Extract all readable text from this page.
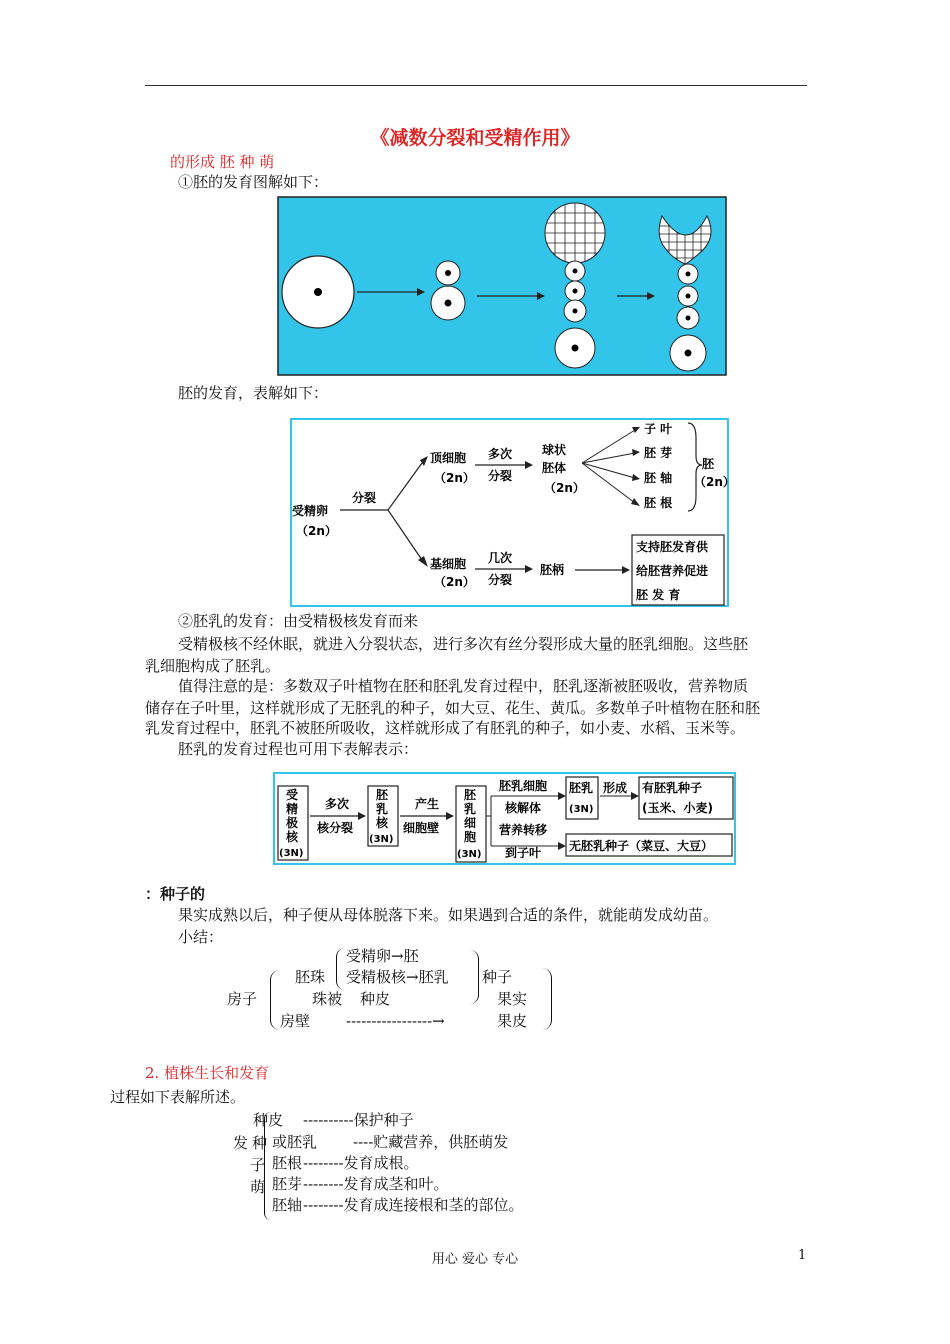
《减数分裂和受精作用》
的形成 胚 种 萌
①胚的发育图解如下：
胚的发育，表解如下：
受精卵
（2n）
分裂
顶细胞
（2n）
多次
分裂
球状
胚体
（2n）
子 叶
胚 芽
胚 轴
胚 根
胚
（2n）
基细胞
（2n）
几次
分裂
胚柄
支持胚发育供
给胚营养促进
胚 发 育
②胚乳的发育：由受精极核发育而来
受精极核不经休眠，就进入分裂状态，进行多次有丝分裂形成大量的胚乳细胞。这些胚
乳细胞构成了胚乳。
值得注意的是：多数双子叶植物在胚和胚乳发育过程中，胚乳逐渐被胚吸收，营养物质
储存在子叶里，这样就形成了无胚乳的种子，如大豆、花生、黄瓜。多数单子叶植物在胚和胚
乳发育过程中，胚乳不被胚所吸收，这样就形成了有胚乳的种子，如小麦、水稻、玉米等。
胚乳的发育过程也可用下表解表示：
受
精
极
核
(3N)
多次
核分裂
胚
乳
核
(3N)
产生
细胞壁
胚
乳
细
胞
(3N)
胚乳细胞
核解体
营养转移
到子叶
胚乳
(3N)
形成 有胚乳种子
(玉米、小麦)
无胚乳种子（菜豆、大豆）
：种子的
果实成熟以后，种子便从母体脱落下来。如果遇到合适的条件，就能萌发成幼苗。
小结：
房子
胚珠
珠被
房壁
受精卵→胚
受精极核→胚乳
种皮
种子
果实
-----------------→	果皮
2. 植株生长和发育
过程如下表解所述。
发 种
子
萌
种皮 ----------保护种子
或胚乳 ----贮藏营养，供胚萌发
胚根 --------发育成根。
胚芽 --------发育成茎和叶。
胚轴 --------发育成连接根和茎的部位。
用心 爱心 专心	1
